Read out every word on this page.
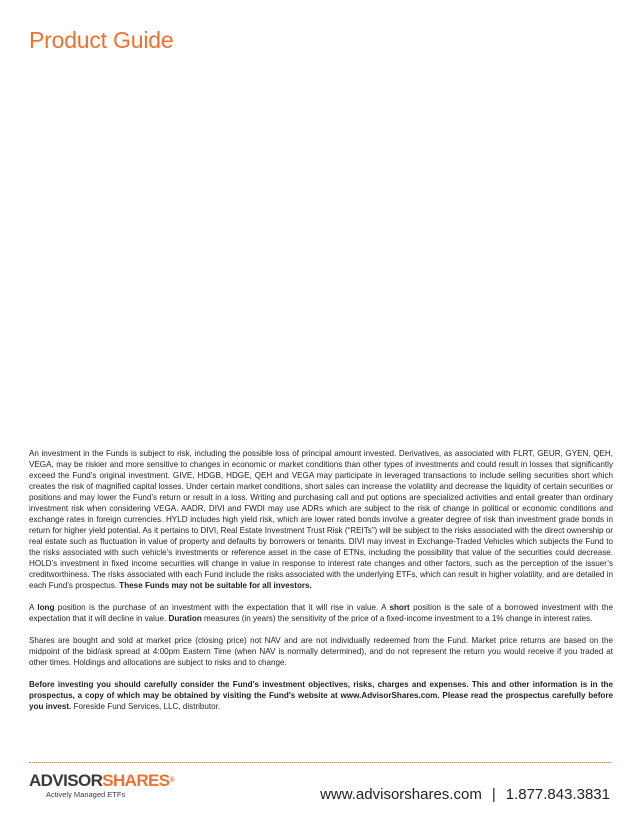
Product Guide

An investment in the Funds is subject to risk, including the possible loss of principal amount invested. Derivatives, as associated with FLRT, GEUR, GYEN, QEH, VEGA, may be riskier and more sensitive to changes in economic or market conditions than other types of investments and could result in losses that significantly exceed the Fund’s original investment. GIVE, HDGB, HDGE, QEH and VEGA may participate in leveraged transactions to include selling securities short which creates the risk of magnified capital losses. Under certain market conditions, short sales can increase the volatility and decrease the liquidity of certain securities or positions and may lower the Fund’s return or result in a loss. Writing and purchasing call and put options are specialized activities and entail greater than ordinary investment risk when considering VEGA. AADR, DIVI and FWDI may use ADRs which are subject to the risk of change in political or economic conditions and exchange rates in foreign currencies. HYLD includes high yield risk, which are lower rated bonds involve a greater degree of risk than investment grade bonds in return for higher yield potential. As it pertains to DIVI, Real Estate Investment Trust Risk (“REITs”) will be subject to the risks associated with the direct ownership or real estate such as fluctuation in value of property and defaults by borrowers or tenants. DIVI may invest in Exchange-Traded Vehicles which subjects the Fund to the risks associated with such vehicle’s investments or reference asset in the case of ETNs, including the possibility that value of the securities could decrease. HOLD’s investment in fixed income securities will change in value in response to interest rate changes and other factors, such as the perception of the issuer’s creditworthiness. The risks associated with each Fund include the risks associated with the underlying ETFs, which can result in higher volatility, and are detailed in each Fund’s prospectus. These Funds may not be suitable for all investors.

A long position is the purchase of an investment with the expectation that it will rise in value. A short position is the sale of a borrowed investment with the expectation that it will decline in value. Duration measures (in years) the sensitivity of the price of a fixed-income investment to a 1% change in interest rates.

Shares are bought and sold at market price (closing price) not NAV and are not individually redeemed from the Fund. Market price returns are based on the midpoint of the bid/ask spread at 4:00pm Eastern Time (when NAV is normally determined), and do not represent the return you would receive if you traded at other times. Holdings and allocations are subject to risks and to change.

Before investing you should carefully consider the Fund’s investment objectives, risks, charges and expenses. This and other information is in the prospectus, a copy of which may be obtained by visiting the Fund’s website at www.AdvisorShares.com. Please read the prospectus carefully before you invest. Foreside Fund Services, LLC, distributor.

ADVISORSHARES®
Actively Managed ETFs	www.advisorshares.com | 1.877.843.3831
